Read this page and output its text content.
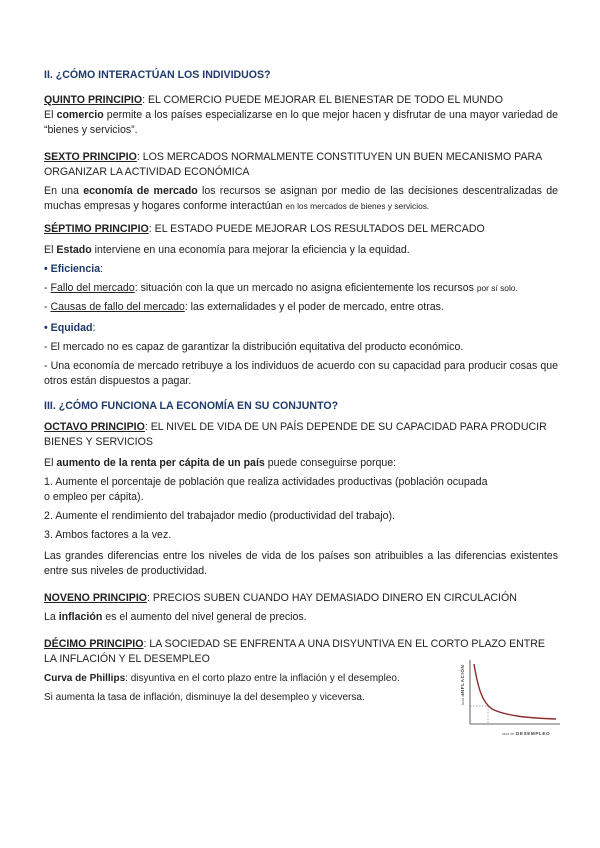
II. ¿CÓMO INTERACTÚAN LOS INDIVIDUOS?
QUINTO PRINCIPIO: EL COMERCIO PUEDE MEJORAR EL BIENESTAR DE TODO EL MUNDO
El comercio permite a los países especializarse en lo que mejor hacen y disfrutar de una mayor variedad de “bienes y servicios”.
SEXTO PRINCIPIO: LOS MERCADOS NORMALMENTE CONSTITUYEN UN BUEN MECANISMO PARA ORGANIZAR LA ACTIVIDAD ECONÓMICA
En una economía de mercado los recursos se asignan por medio de las decisiones descentralizadas de muchas empresas y hogares conforme interactúan en los mercados de bienes y servicios.
SÉPTIMO PRINCIPIO: EL ESTADO PUEDE MEJORAR LOS RESULTADOS DEL MERCADO
El Estado interviene en una economía para mejorar la eficiencia y la equidad.
• Eficiencia:
- Fallo del mercado: situación con la que un mercado no asigna eficientemente los recursos por sí solo.
- Causas de fallo del mercado: las externalidades y el poder de mercado, entre otras.
• Equidad:
- El mercado no es capaz de garantizar la distribución equitativa del producto económico.
- Una economía de mercado retribuye a los individuos de acuerdo con su capacidad para producir cosas que otros están dispuestos a pagar.
III. ¿CÓMO FUNCIONA LA ECONOMÍA EN SU CONJUNTO?
OCTAVO PRINCIPIO: EL NIVEL DE VIDA DE UN PAÍS DEPENDE DE SU CAPACIDAD PARA PRODUCIR BIENES Y SERVICIOS
El aumento de la renta per cápita de un país puede conseguirse porque:
1. Aumente el porcentaje de población que realiza actividades productivas (población ocupada
o empleo per cápita).
2. Aumente el rendimiento del trabajador medio (productividad del trabajo).
3. Ambos factores a la vez.
Las grandes diferencias entre los niveles de vida de los países son atribuibles a las diferencias existentes entre sus niveles de productividad.
NOVENO PRINCIPIO: PRECIOS SUBEN CUANDO HAY DEMASIADO DINERO EN CIRCULACIÓN
La inflación es el aumento del nivel general de precios.
DÉCIMO PRINCIPIO: LA SOCIEDAD SE ENFRENTA A UNA DISYUNTIVA EN EL CORTO PLAZO ENTRE LA INFLACIÓN Y EL DESEMPLEO
Curva de Phillips: disyuntiva en el corto plazo entre la inflación y el desempleo.
Si aumenta la tasa de inflación, disminuye la del desempleo y viceversa.	tasa de
INFLACIÓN
tasa de DESEMPLEO
